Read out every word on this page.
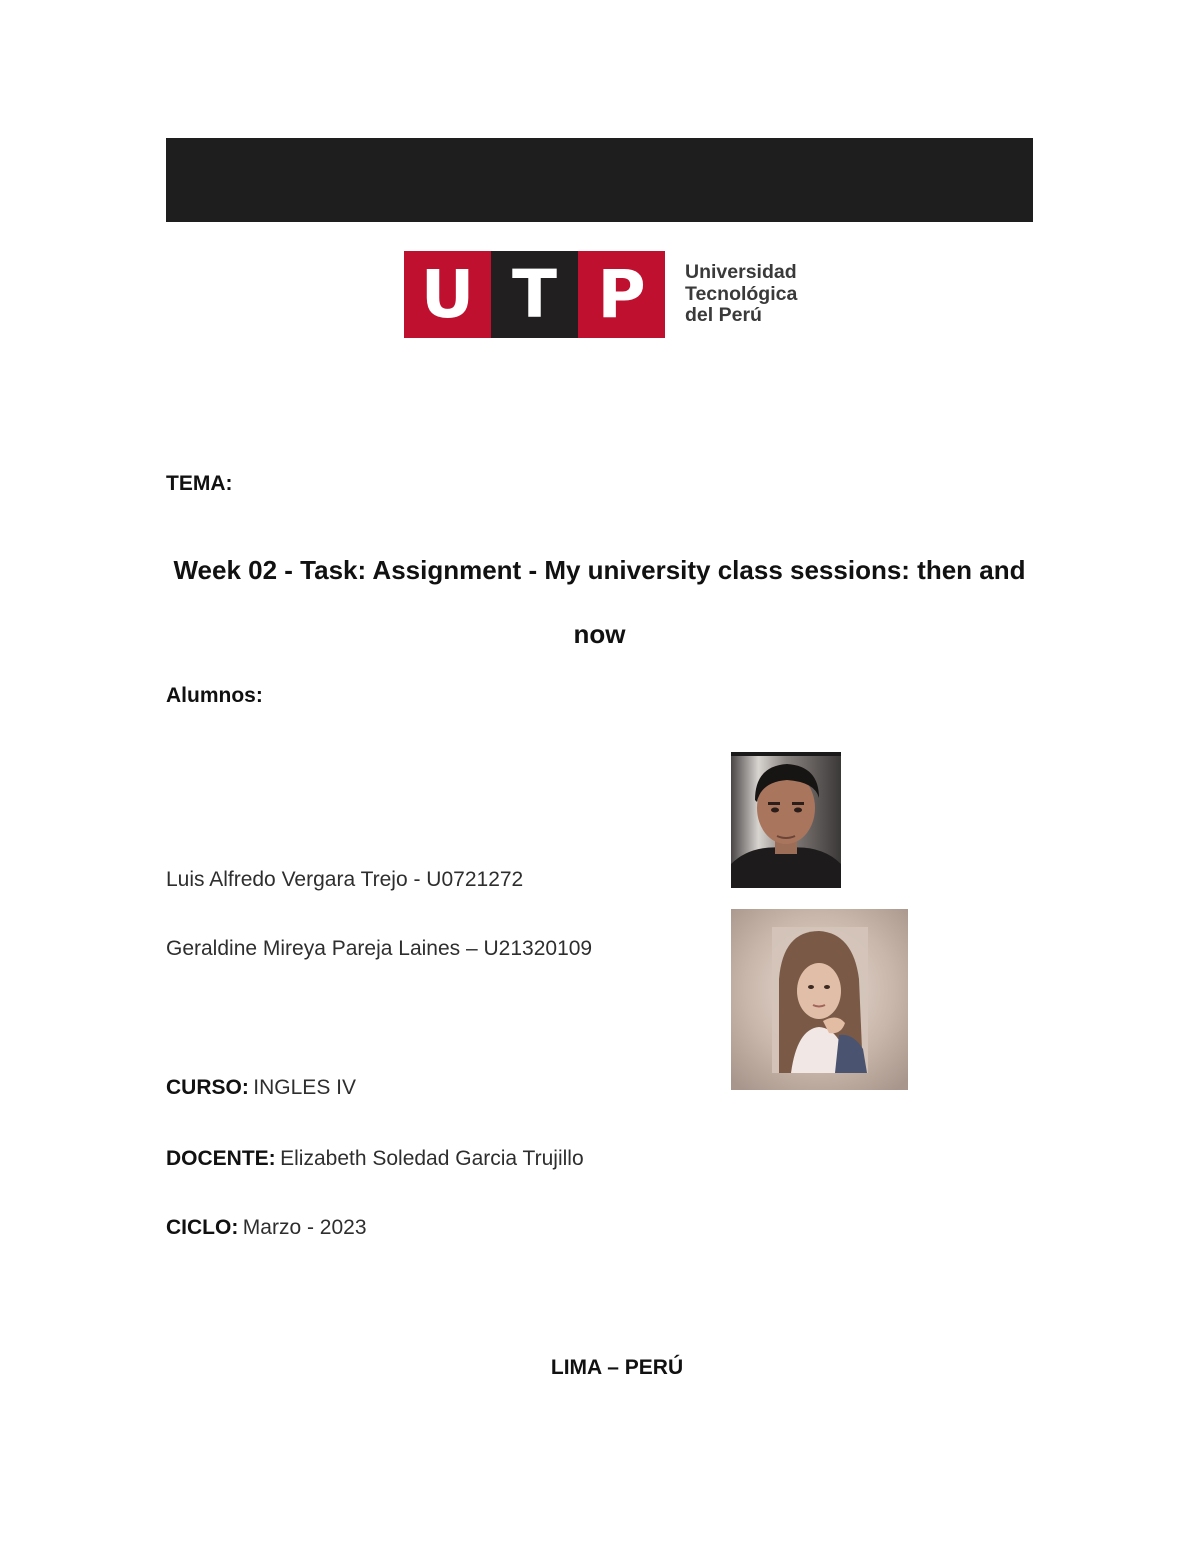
U T P	Universidad
Tecnológica
del Perú
TEMA:
Week 02 - Task: Assignment - My university class sessions: then and now
Alumnos:
Luis Alfredo Vergara Trejo - U0721272
Geraldine Mireya Pareja Laines – U21320109
CURSO: INGLES IV
DOCENTE: Elizabeth Soledad Garcia Trujillo
CICLO: Marzo - 2023
LIMA – PERÚ
